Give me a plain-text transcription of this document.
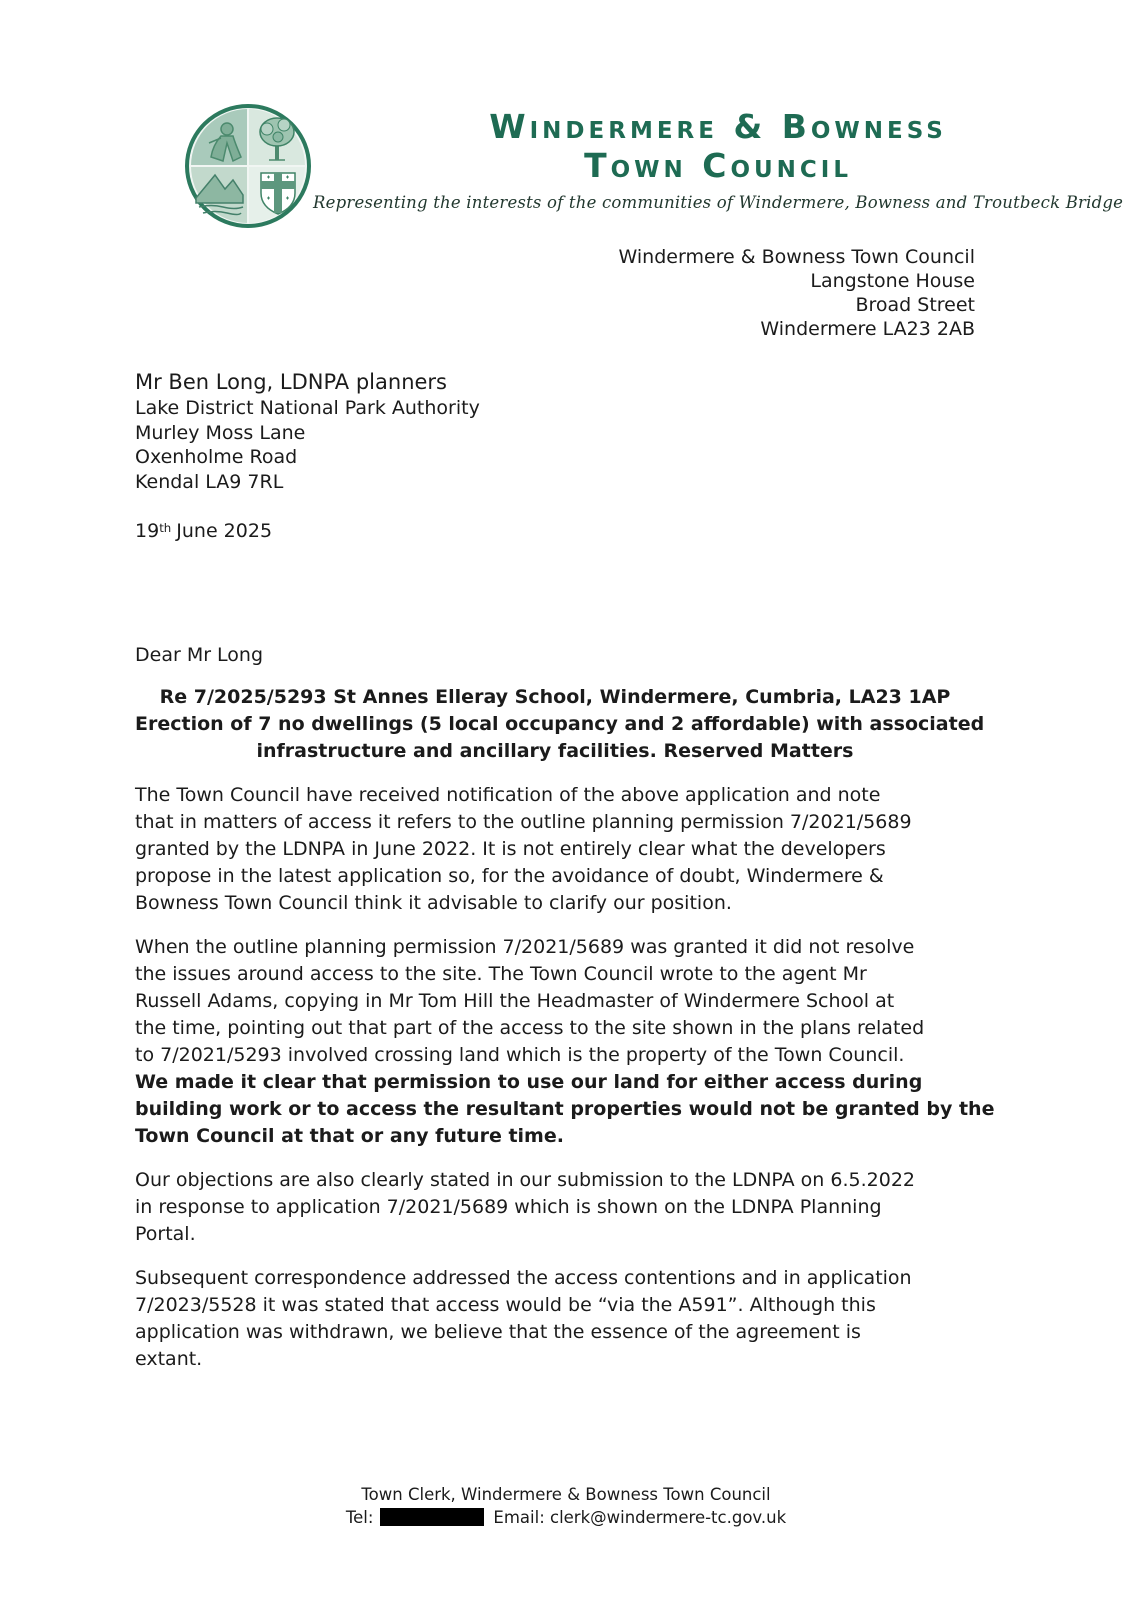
Windermere & Bowness
Town Council
Representing the interests of the communities of Windermere, Bowness and Troutbeck Bridge
Windermere & Bowness Town Council
Langstone House
Broad Street
Windermere LA23 2AB
Mr Ben Long, LDNPA planners
Lake District National Park Authority
Murley Moss Lane
Oxenholme Road
Kendal LA9 7RL
19th June 2025
Dear Mr Long
Re 7/2025/5293 St Annes Elleray School, Windermere, Cumbria, LA23 1AP
Erection of 7 no dwellings (5 local occupancy and 2 affordable) with associated
infrastructure and ancillary facilities. Reserved Matters
The Town Council have received notification of the above application and note
that in matters of access it refers to the outline planning permission 7/2021/5689
granted by the LDNPA in June 2022. It is not entirely clear what the developers
propose in the latest application so, for the avoidance of doubt, Windermere &
Bowness Town Council think it advisable to clarify our position.
When the outline planning permission 7/2021/5689 was granted it did not resolve
the issues around access to the site. The Town Council wrote to the agent Mr
Russell Adams, copying in Mr Tom Hill the Headmaster of Windermere School at
the time, pointing out that part of the access to the site shown in the plans related
to 7/2021/5293 involved crossing land which is the property of the Town Council.
We made it clear that permission to use our land for either access during
building work or to access the resultant properties would not be granted by the
Town Council at that or any future time.
Our objections are also clearly stated in our submission to the LDNPA on 6.5.2022
in response to application 7/2021/5689 which is shown on the LDNPA Planning
Portal.
Subsequent correspondence addressed the access contentions and in application
7/2023/5528 it was stated that access would be “via the A591”. Although this
application was withdrawn, we believe that the essence of the agreement is
extant.
Town Clerk, Windermere & Bowness Town Council
Tel:	Email: clerk@windermere-tc.gov.uk
